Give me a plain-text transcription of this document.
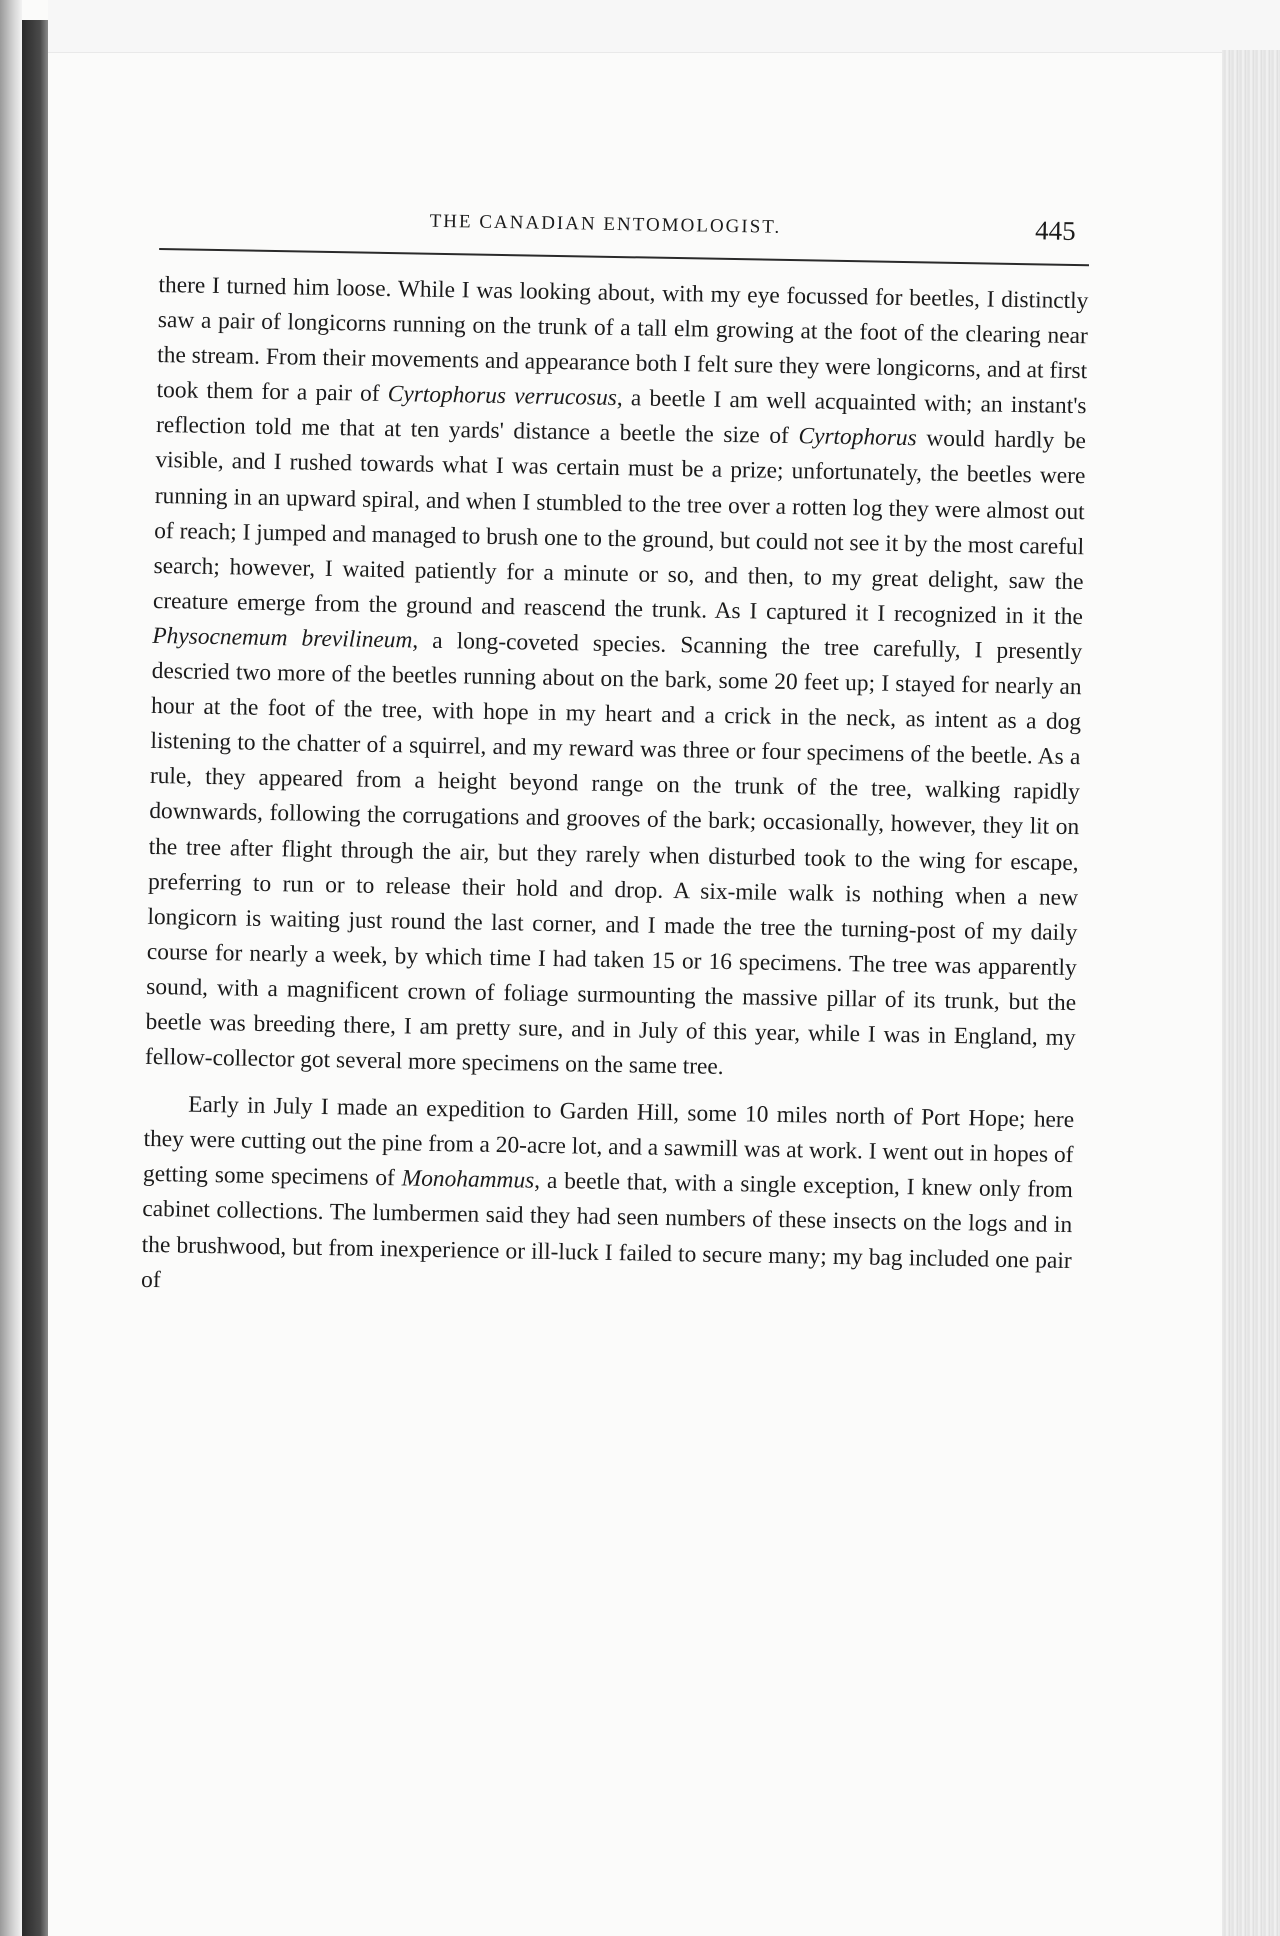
THE CANADIAN ENTOMOLOGIST.	445

there I turned him loose. While I was looking about, with my eye focussed for beetles, I distinctly saw a pair of longicorns running on the trunk of a tall elm growing at the foot of the clearing near the stream. From their movements and appearance both I felt sure they were longicorns, and at first took them for a pair of Cyrtophorus verrucosus, a beetle I am well acquainted with; an instant's reflection told me that at ten yards' distance a beetle the size of Cyrtophorus would hardly be visible, and I rushed towards what I was certain must be a prize; unfortunately, the beetles were running in an upward spiral, and when I stumbled to the tree over a rotten log they were almost out of reach; I jumped and managed to brush one to the ground, but could not see it by the most careful search; however, I waited patiently for a minute or so, and then, to my great delight, saw the creature emerge from the ground and reascend the trunk. As I captured it I recognized in it the Physocnemum brevilineum, a long-coveted species. Scanning the tree carefully, I presently descried two more of the beetles running about on the bark, some 20 feet up; I stayed for nearly an hour at the foot of the tree, with hope in my heart and a crick in the neck, as intent as a dog listening to the chatter of a squirrel, and my reward was three or four specimens of the beetle. As a rule, they appeared from a height beyond range on the trunk of the tree, walking rapidly downwards, following the corrugations and grooves of the bark; occasionally, however, they lit on the tree after flight through the air, but they rarely when disturbed took to the wing for escape, preferring to run or to release their hold and drop. A six-mile walk is nothing when a new longicorn is waiting just round the last corner, and I made the tree the turning-post of my daily course for nearly a week, by which time I had taken 15 or 16 specimens. The tree was apparently sound, with a magnificent crown of foliage surmounting the massive pillar of its trunk, but the beetle was breeding there, I am pretty sure, and in July of this year, while I was in England, my fellow-collector got several more specimens on the same tree.

Early in July I made an expedition to Garden Hill, some 10 miles north of Port Hope; here they were cutting out the pine from a 20-acre lot, and a sawmill was at work. I went out in hopes of getting some specimens of Monohammus, a beetle that, with a single exception, I knew only from cabinet collections. The lumbermen said they had seen numbers of these insects on the logs and in the brushwood, but from inexperience or ill-luck I failed to secure many; my bag included one pair of
